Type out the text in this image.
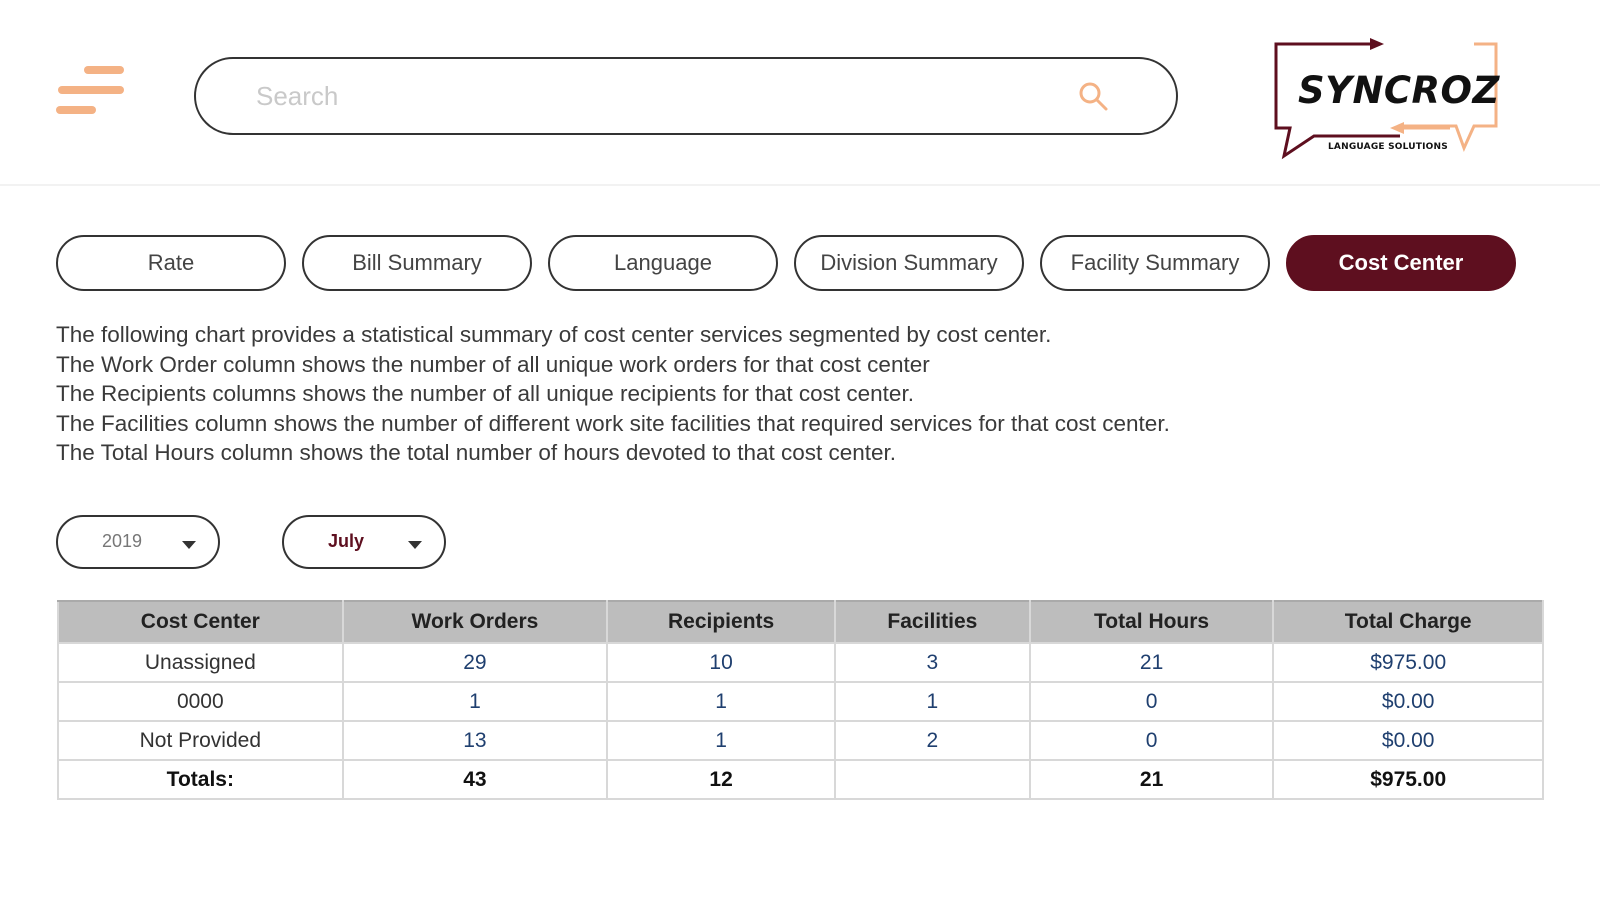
Search
SYNCROZ
LANGUAGE SOLUTIONS
Rate	Bill Summary	Language	Division Summary	Facility Summary	Cost Center

The following chart provides a statistical summary of cost center services segmented by cost center.

The Work Order column shows the number of all unique work orders for that cost center

The Recipients columns shows the number of all unique recipients for that cost center.

The Facilities column shows the number of different work site facilities that required services for that cost center.

The Total Hours column shows the total number of hours devoted to that cost center.

2019	July
Cost Center	Work Orders	Recipients	Facilities	Total Hours	Total Charge
Unassigned	29	10	3	21	$975.00
0000	1	1	1	0	$0.00
Not Provided	13	1	2	0	$0.00
Totals:	43	12		21	$975.00
